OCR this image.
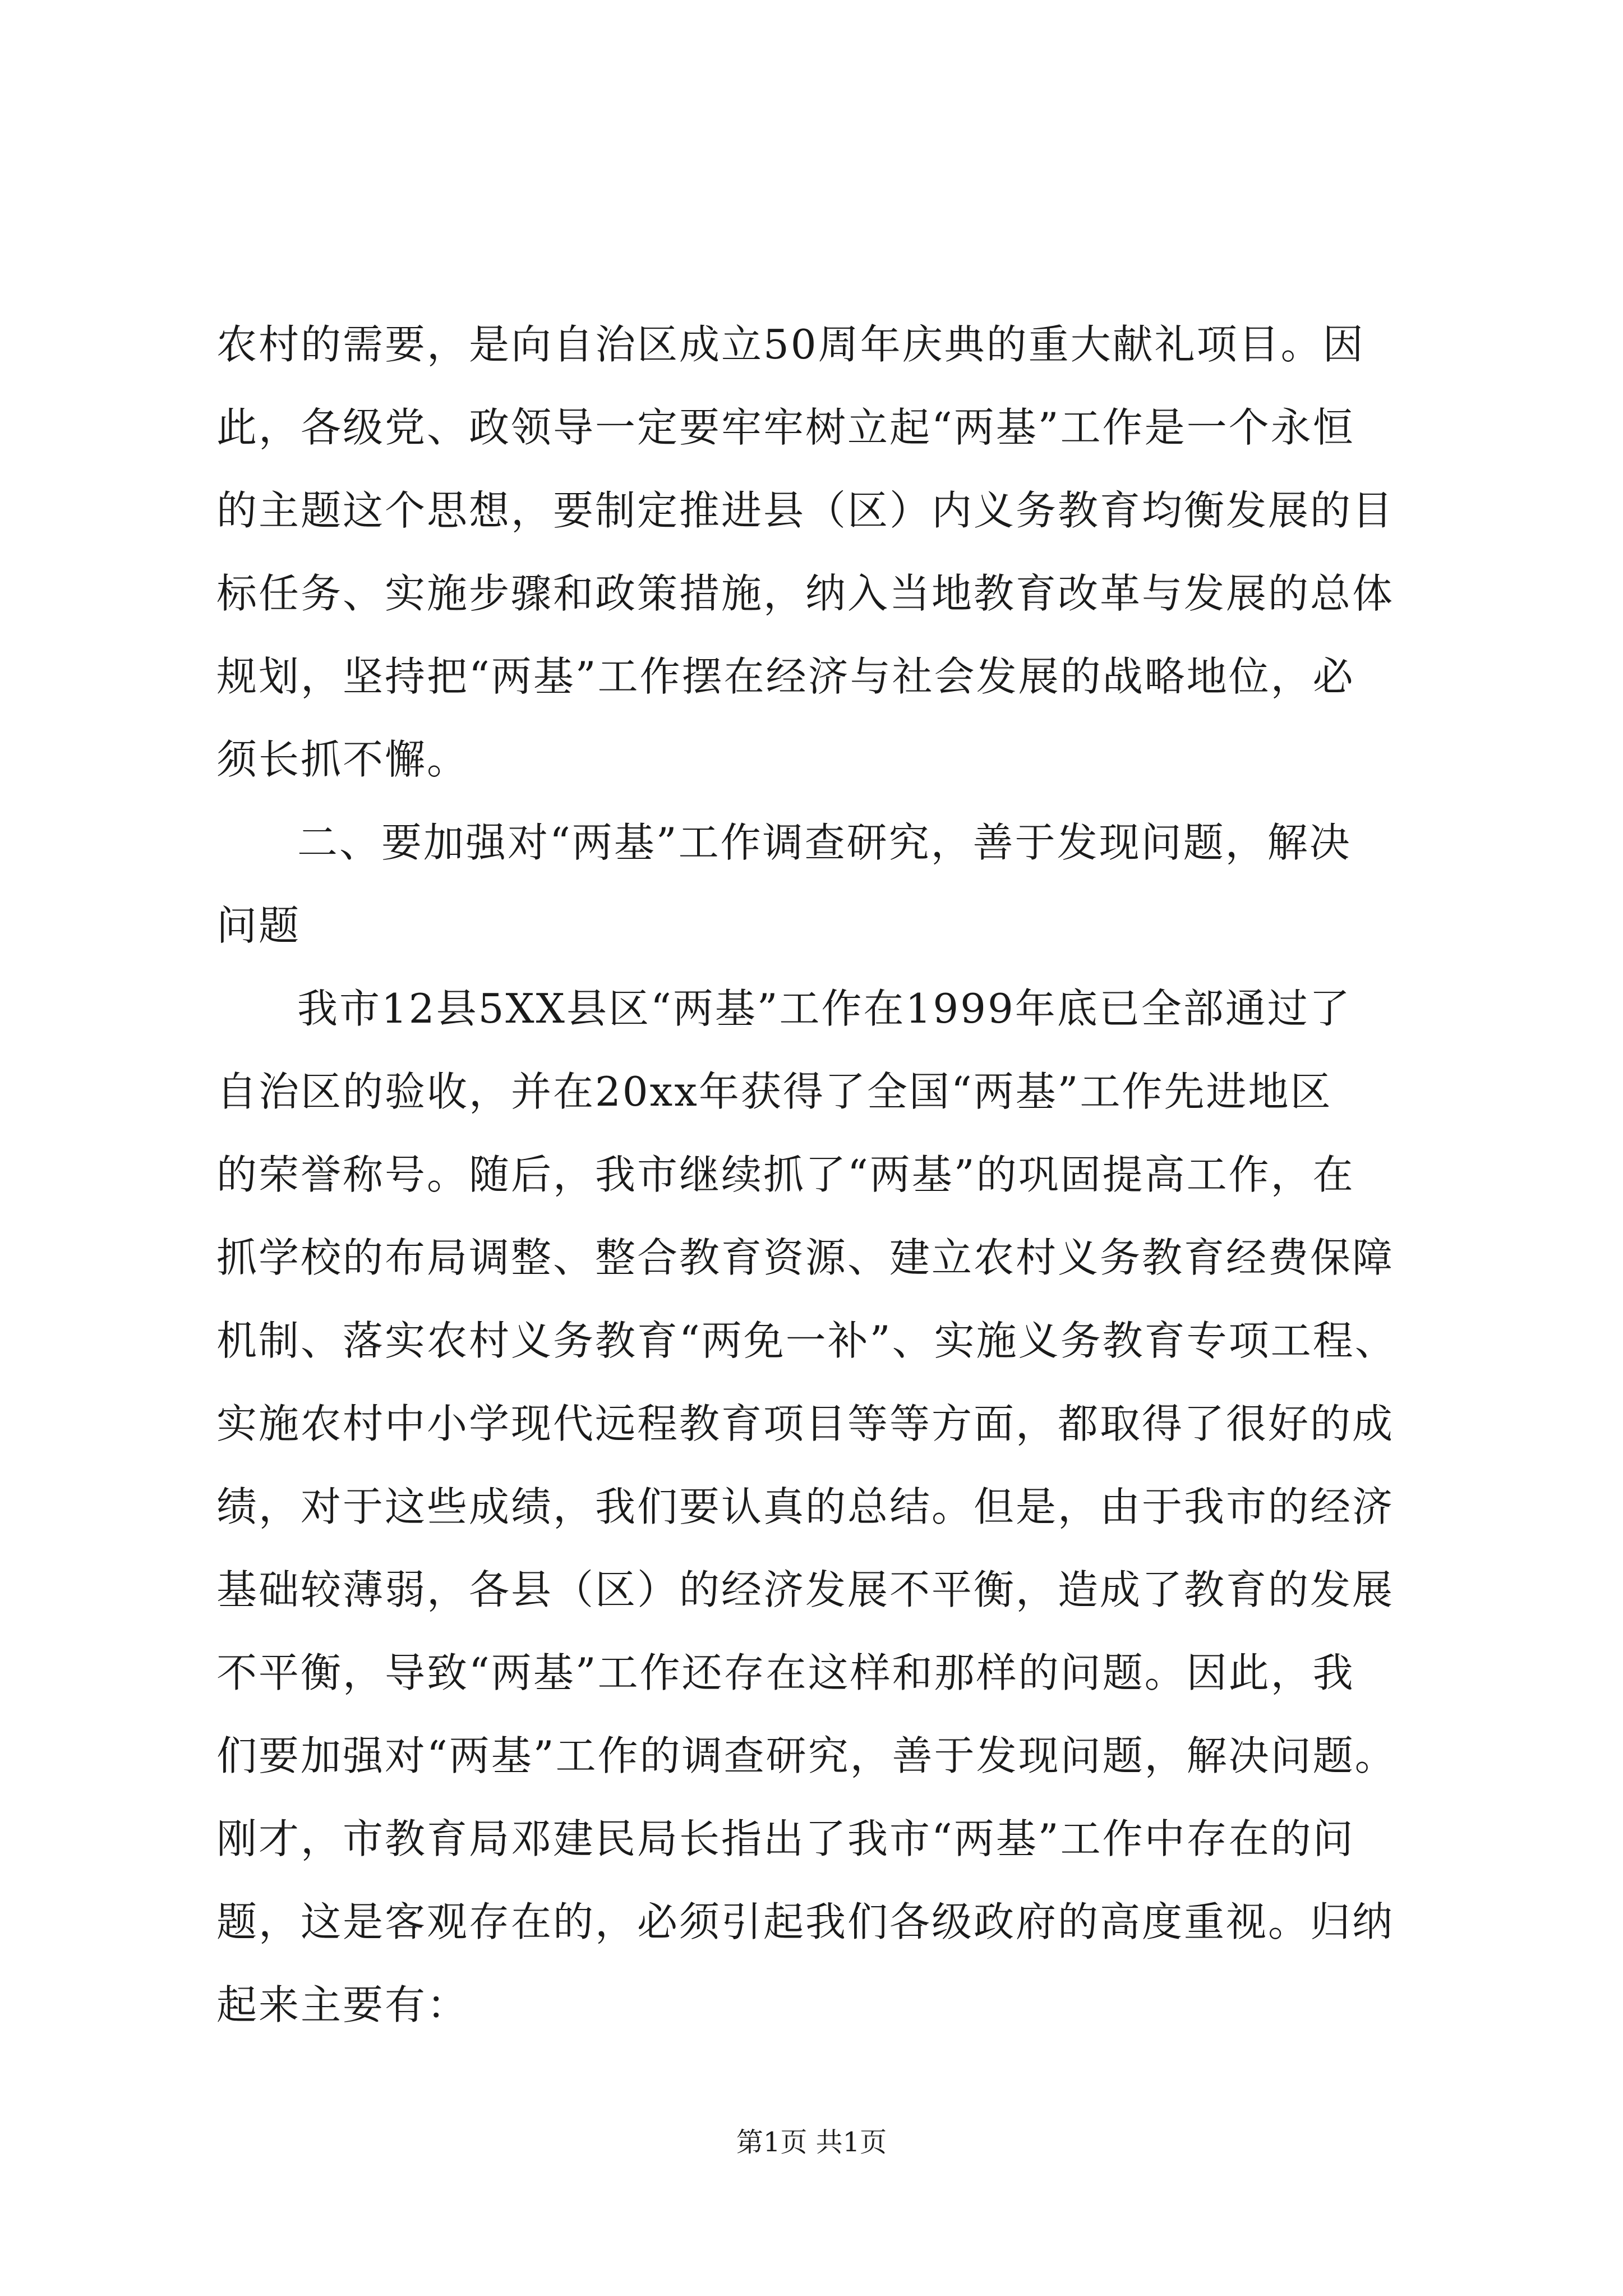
农村的需要，是向自治区成立50周年庆典的重大献礼项目。因
此，各级党、政领导一定要牢牢树立起“两基”工作是一个永恒
的主题这个思想，要制定推进县（区）内义务教育均衡发展的目
标任务、实施步骤和政策措施，纳入当地教育改革与发展的总体
规划，坚持把“两基”工作摆在经济与社会发展的战略地位，必
须长抓不懈。
二、要加强对“两基”工作调查研究，善于发现问题，解决
问题
我市12县5XX县区“两基”工作在1999年底已全部通过了
自治区的验收，并在20xx年获得了全国“两基”工作先进地区
的荣誉称号。随后，我市继续抓了“两基”的巩固提高工作，在
抓学校的布局调整、整合教育资源、建立农村义务教育经费保障
机制、落实农村义务教育“两免一补”、实施义务教育专项工程、
实施农村中小学现代远程教育项目等等方面，都取得了很好的成
绩，对于这些成绩，我们要认真的总结。但是，由于我市的经济
基础较薄弱，各县（区）的经济发展不平衡，造成了教育的发展
不平衡，导致“两基”工作还存在这样和那样的问题。因此，我
们要加强对“两基”工作的调查研究，善于发现问题，解决问题。
刚才，市教育局邓建民局长指出了我市“两基”工作中存在的问
题，这是客观存在的，必须引起我们各级政府的高度重视。归纳
起来主要有：
第1页 共1页
